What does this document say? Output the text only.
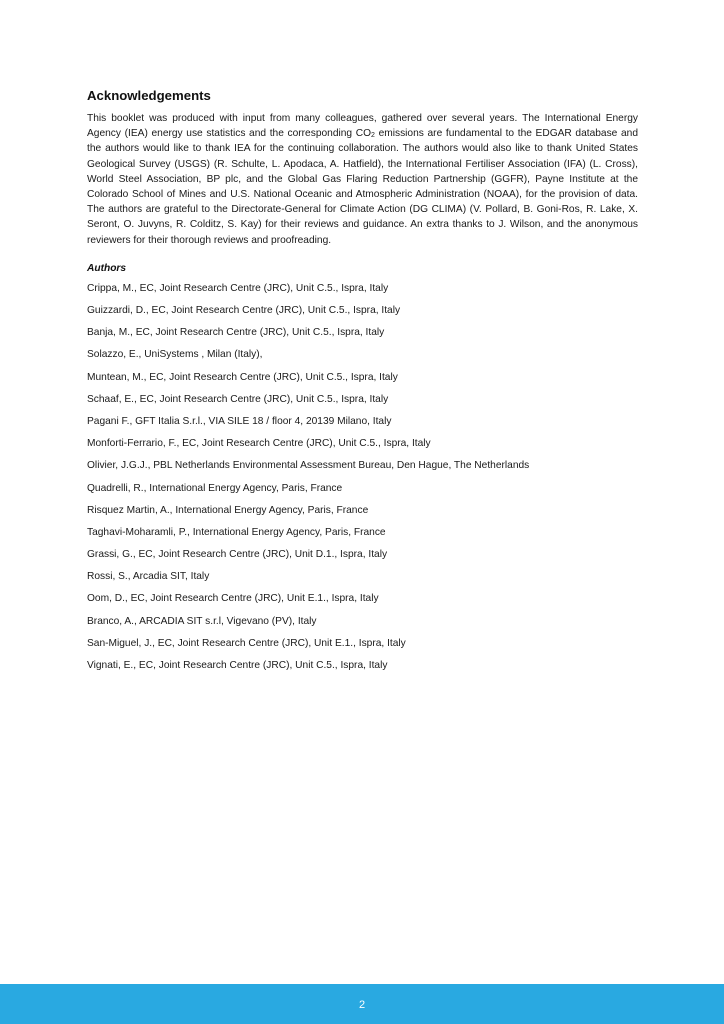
Acknowledgements

This booklet was produced with input from many colleagues, gathered over several years. The International Energy Agency (IEA) energy use statistics and the corresponding $CO_2$ emissions are fundamental to the EDGAR database and the authors would like to thank IEA for the continuing collaboration. The authors would also like to thank United States Geological Survey (USGS) (R. Schulte, L. Apodaca, A. Hatfield), the International Fertiliser Association (IFA) (L. Cross), World Steel Association, BP plc, and the Global Gas Flaring Reduction Partnership (GGFR), Payne Institute at the Colorado School of Mines and U.S. National Oceanic and Atmospheric Administration (NOAA), for the provision of data. The authors are grateful to the Directorate-General for Climate Action (DG CLIMA) (V. Pollard, B. Goni-Ros, R. Lake, X. Seront, O. Juvyns, R. Colditz, S. Kay) for their reviews and guidance. An extra thanks to J. Wilson, and the anonymous reviewers for their thorough reviews and proofreading.

Authors
Crippa, M., EC, Joint Research Centre (JRC), Unit C.5., Ispra, Italy
Guizzardi, D., EC, Joint Research Centre (JRC), Unit C.5., Ispra, Italy
Banja, M., EC, Joint Research Centre (JRC), Unit C.5., Ispra, Italy
Solazzo, E., UniSystems , Milan (Italy),
Muntean, M., EC, Joint Research Centre (JRC), Unit C.5., Ispra, Italy
Schaaf, E., EC, Joint Research Centre (JRC), Unit C.5., Ispra, Italy
Pagani F., GFT Italia S.r.l., VIA SILE 18 / floor 4, 20139 Milano, Italy
Monforti-Ferrario, F., EC, Joint Research Centre (JRC), Unit C.5., Ispra, Italy
Olivier, J.G.J., PBL Netherlands Environmental Assessment Bureau, Den Hague, The Netherlands
Quadrelli, R., International Energy Agency, Paris, France
Risquez Martin, A., International Energy Agency, Paris, France
Taghavi-Moharamli, P., International Energy Agency, Paris, France
Grassi, G., EC, Joint Research Centre (JRC), Unit D.1., Ispra, Italy
Rossi, S., Arcadia SIT, Italy
Oom, D., EC, Joint Research Centre (JRC), Unit E.1., Ispra, Italy
Branco, A., ARCADIA SIT s.r.l, Vigevano (PV), Italy
San-Miguel, J., EC, Joint Research Centre (JRC), Unit E.1., Ispra, Italy
Vignati, E., EC, Joint Research Centre (JRC), Unit C.5., Ispra, Italy
2
